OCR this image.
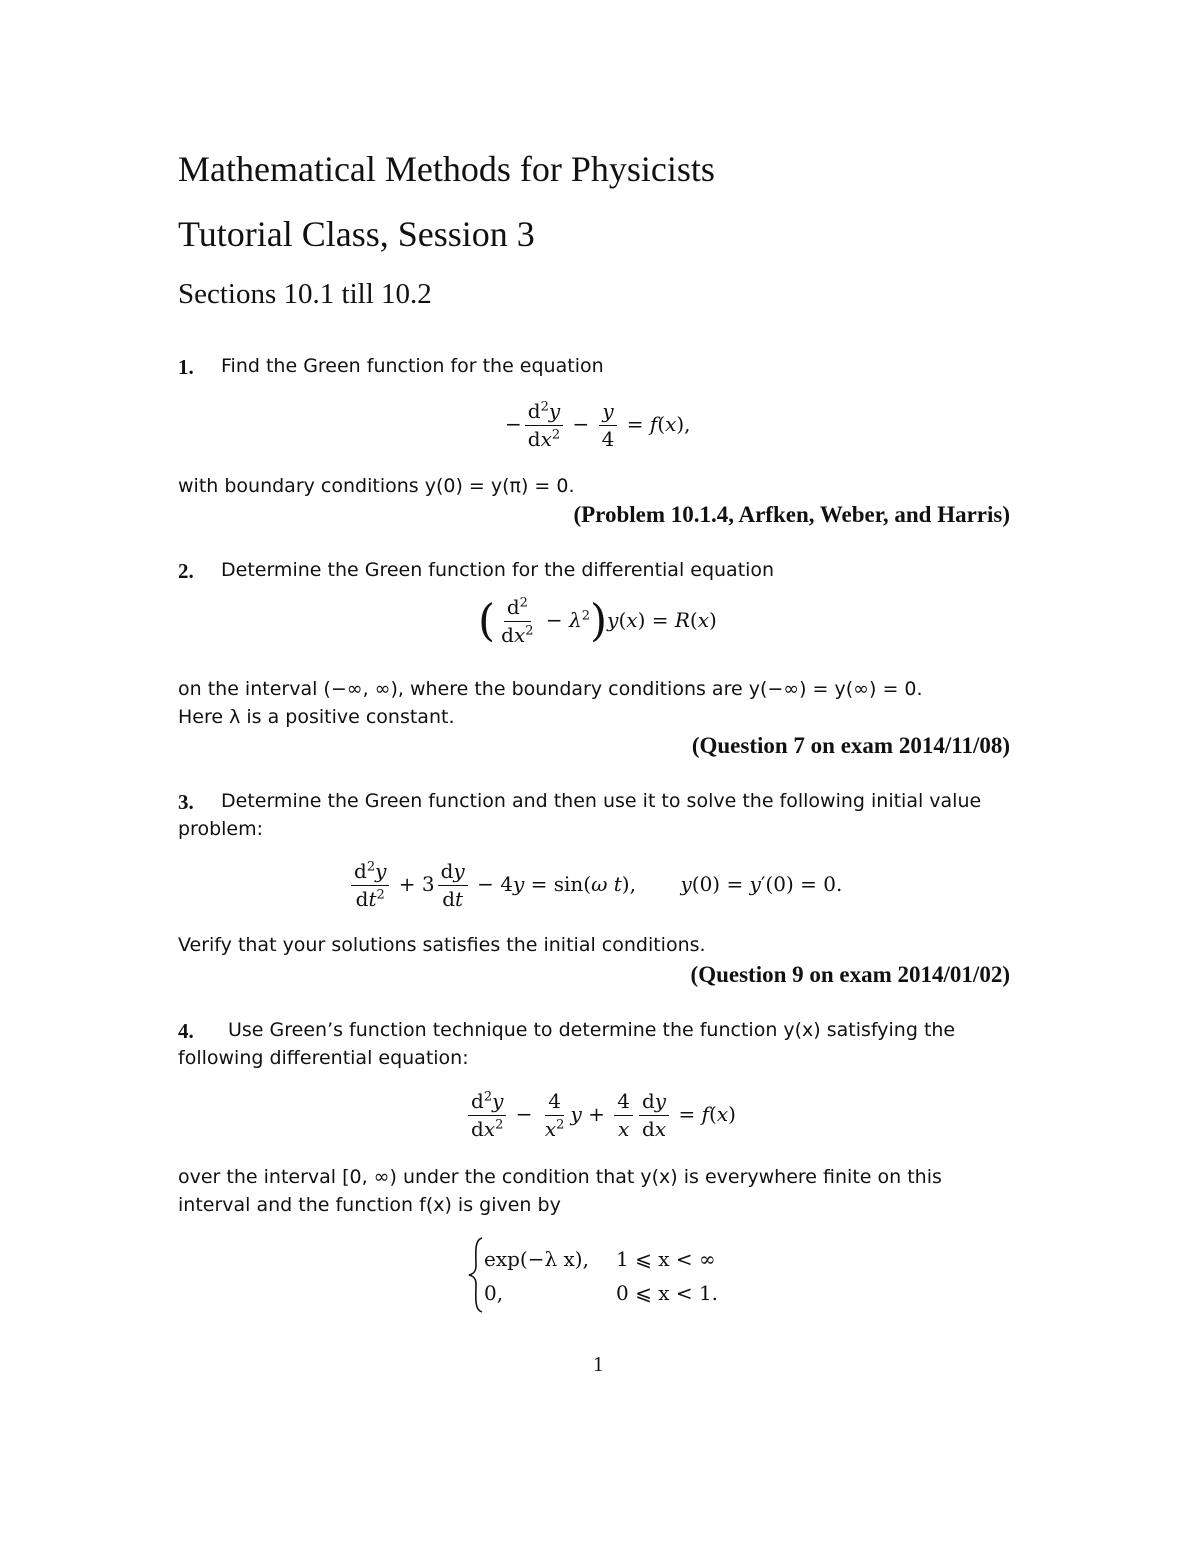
Mathematical Methods for Physicists
Tutorial Class, Session 3
Sections 10.1 till 10.2
1. Find the Green function for the equation
− $\frac{d^2y}{dx^2} - \frac{y}{4} = f(x)$,
with boundary conditions y(0) = y(π) = 0.
(Problem 10.1.4, Arfken, Weber, and Harris)
2. Determine the Green function for the differential equation
( $\frac{d^2}{dx^2} - \lambda^2)y(x) = R(x)$
on the interval (−∞, ∞), where the boundary conditions are y(−∞) = y(∞) = 0.
Here λ is a positive constant.
(Question 7 on exam 2014/11/08)
3. Determine the Green function and then use it to solve the following initial value
problem:
$\frac{d^2y}{dt^2} + 3 \frac{dy}{dt} - 4y = \sin(\omega$ t),       y(0) = y′(0) = 0.
Verify that your solutions satisfies the initial conditions.
(Question 9 on exam 2014/01/02)
4. Use Green’s function technique to determine the function y(x) satisfying the
following differential equation:
$\frac{d^2y}{dx^2} - \frac{4}{x^2}$ $y + \frac{4}{x} \frac{dy}{dx} = f(x)$
over the interval [0, ∞) under the condition that y(x) is everywhere finite on this
interval and the function f(x) is given by
exp(−λ x), 1 ⩽ x < ∞
0,	0 ⩽ x < 1.
1
